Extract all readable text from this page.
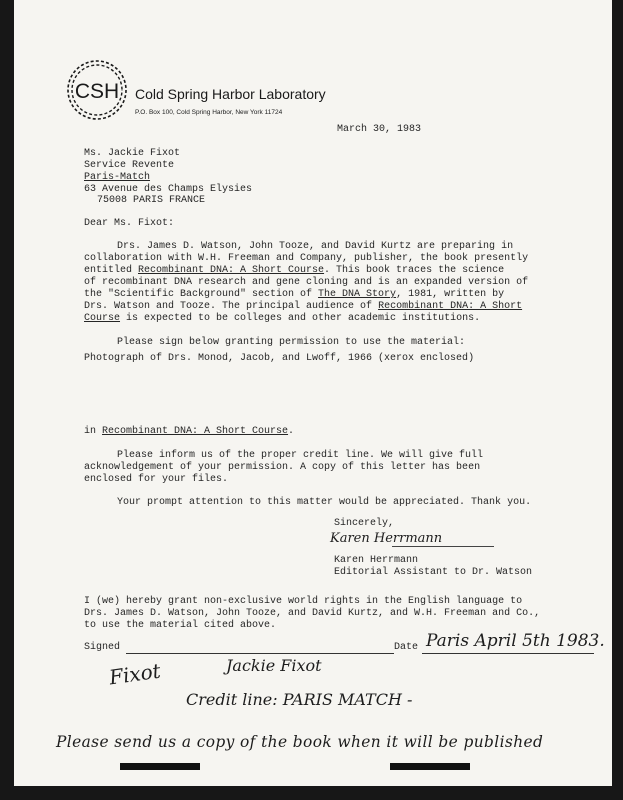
CSH Cold Spring Harbor Laboratory
P.O. Box 100, Cold Spring Harbor, New York 11724
March 30, 1983
Ms. Jackie Fixot
Service Revente
Paris-Match
63 Avenue des Champs Elysies
75008 PARIS FRANCE
Dear Ms. Fixot:
Drs. James D. Watson, John Tooze, and David Kurtz are preparing in
collaboration with W.H. Freeman and Company, publisher, the book presently
entitled Recombinant DNA: A Short Course. This book traces the science
of recombinant DNA research and gene cloning and is an expanded version of
the "Scientific Background" section of The DNA Story, 1981, written by
Drs. Watson and Tooze. The principal audience of Recombinant DNA: A Short
Course is expected to be colleges and other academic institutions.
Please sign below granting permission to use the material:
Photograph of Drs. Monod, Jacob, and Lwoff, 1966 (xerox enclosed)
in Recombinant DNA: A Short Course.
Please inform us of the proper credit line. We will give full
acknowledgement of your permission. A copy of this letter has been
enclosed for your files.
Your prompt attention to this matter would be appreciated. Thank you.
Sincerely,
Karen Herrmann
Karen Herrmann
Editorial Assistant to Dr. Watson
I (we) hereby grant non-exclusive world rights in the English language to
Drs. James D. Watson, John Tooze, and David Kurtz, and W.H. Freeman and Co.,
to use the material cited above.
Signed	Date Paris April 5th 1983.
Fixot	Jackie Fixot
Credit line: PARIS MATCH -
Please send us a copy of the book when it will be published
